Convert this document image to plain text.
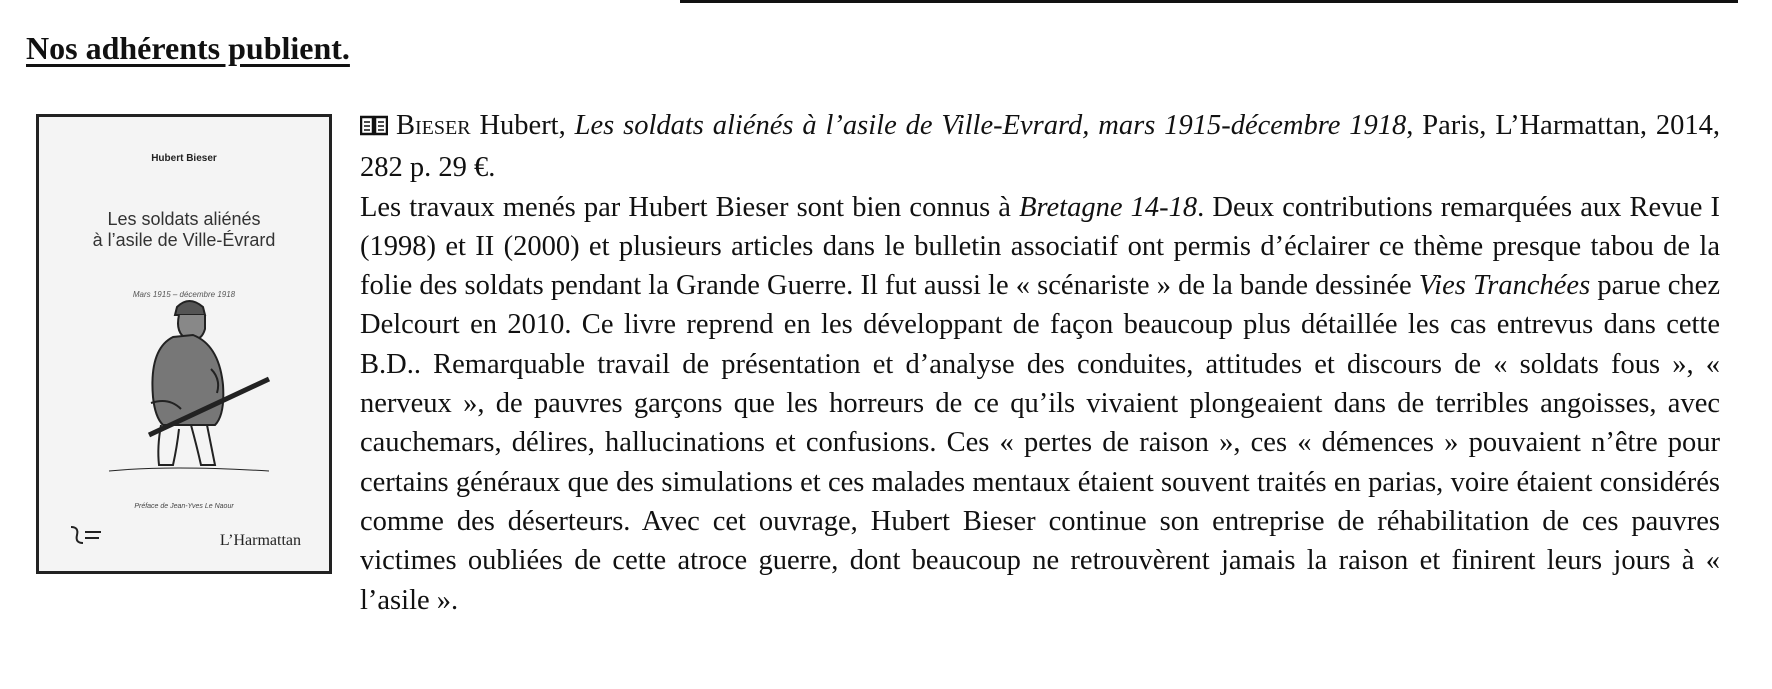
Nos adhérents publient.
Hubert Bieser
Les soldats aliénés
à l’asile de Ville-Évrard
Mars 1915 – décembre 1918
Préface de Jean-Yves Le Naour
L’Harmattan
Bieser Hubert, Les soldats aliénés à l’asile de Ville-Evrard, mars 1915-décembre 1918, Paris, L’Harmattan, 2014, 282 p. 29 €.
Les travaux menés par Hubert Bieser sont bien connus à Bretagne 14-18. Deux contributions remarquées aux Revue I (1998) et II (2000) et plusieurs articles dans le bulletin associatif ont permis d’éclairer ce thème presque tabou de la folie des soldats pendant la Grande Guerre. Il fut aussi le « scénariste » de la bande dessinée Vies Tranchées parue chez Delcourt en 2010. Ce livre reprend en les développant de façon beaucoup plus détaillée les cas entrevus dans cette B.D.. Remarquable travail de présentation et d’analyse des conduites, attitudes et discours de « soldats fous », « nerveux », de pauvres garçons que les horreurs de ce qu’ils vivaient plongeaient dans de terribles angoisses, avec cauchemars, délires, hallucinations et confusions. Ces « pertes de raison », ces « démences » pouvaient n’être pour certains généraux que des simulations et ces malades mentaux étaient souvent traités en parias, voire étaient considérés comme des déserteurs. Avec cet ouvrage, Hubert Bieser continue son entreprise de réhabilitation de ces pauvres victimes oubliées de cette atroce guerre, dont beaucoup ne retrouvèrent jamais la raison et finirent leurs jours à « l’asile ».
